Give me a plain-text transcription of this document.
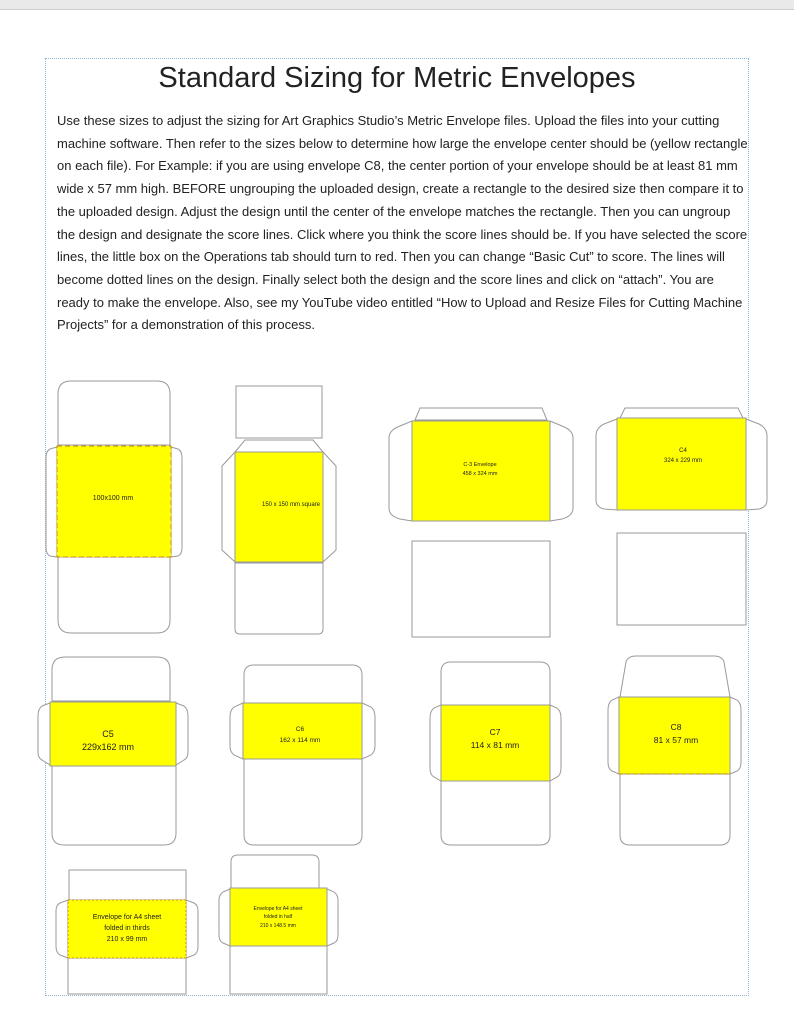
Standard Sizing for Metric Envelopes

Use these sizes to adjust the sizing for Art Graphics Studio’s Metric Envelope files. Upload the files into your cutting machine software. Then refer to the sizes below to determine how large the envelope center should be (yellow rectangle on each file). For Example: if you are using envelope C8, the center portion of your envelope should be at least 81 mm wide x 57 mm high. BEFORE ungrouping the uploaded design, create a rectangle to the desired size then compare it to the uploaded design. Adjust the design until the center of the envelope matches the rectangle. Then you can ungroup the design and designate the score lines. Click where you think the score lines should be. If you have selected the score lines, the little box on the Operations tab should turn to red. Then you can change “Basic Cut” to score. The lines will become dotted lines on the design. Finally select both the design and the score lines and click on “attach”. You are ready to make the envelope. Also, see my YouTube video entitled “How to Upload and Resize Files for Cutting Machine Projects” for a demonstration of this process.

100x100 mm
150 x 150 mm square
C-3 Envelope
458 x 324 mm
C4
324 x 229 mm
C5
229x162 mm
C6
162 x 114 mm
C7
114 x 81 mm
C8
81 x 57 mm
Envelope for A4 sheet
folded in thirds
210 x 99 mm
Envelope for A4 sheet
folded in half
210 x 148.5 mm
